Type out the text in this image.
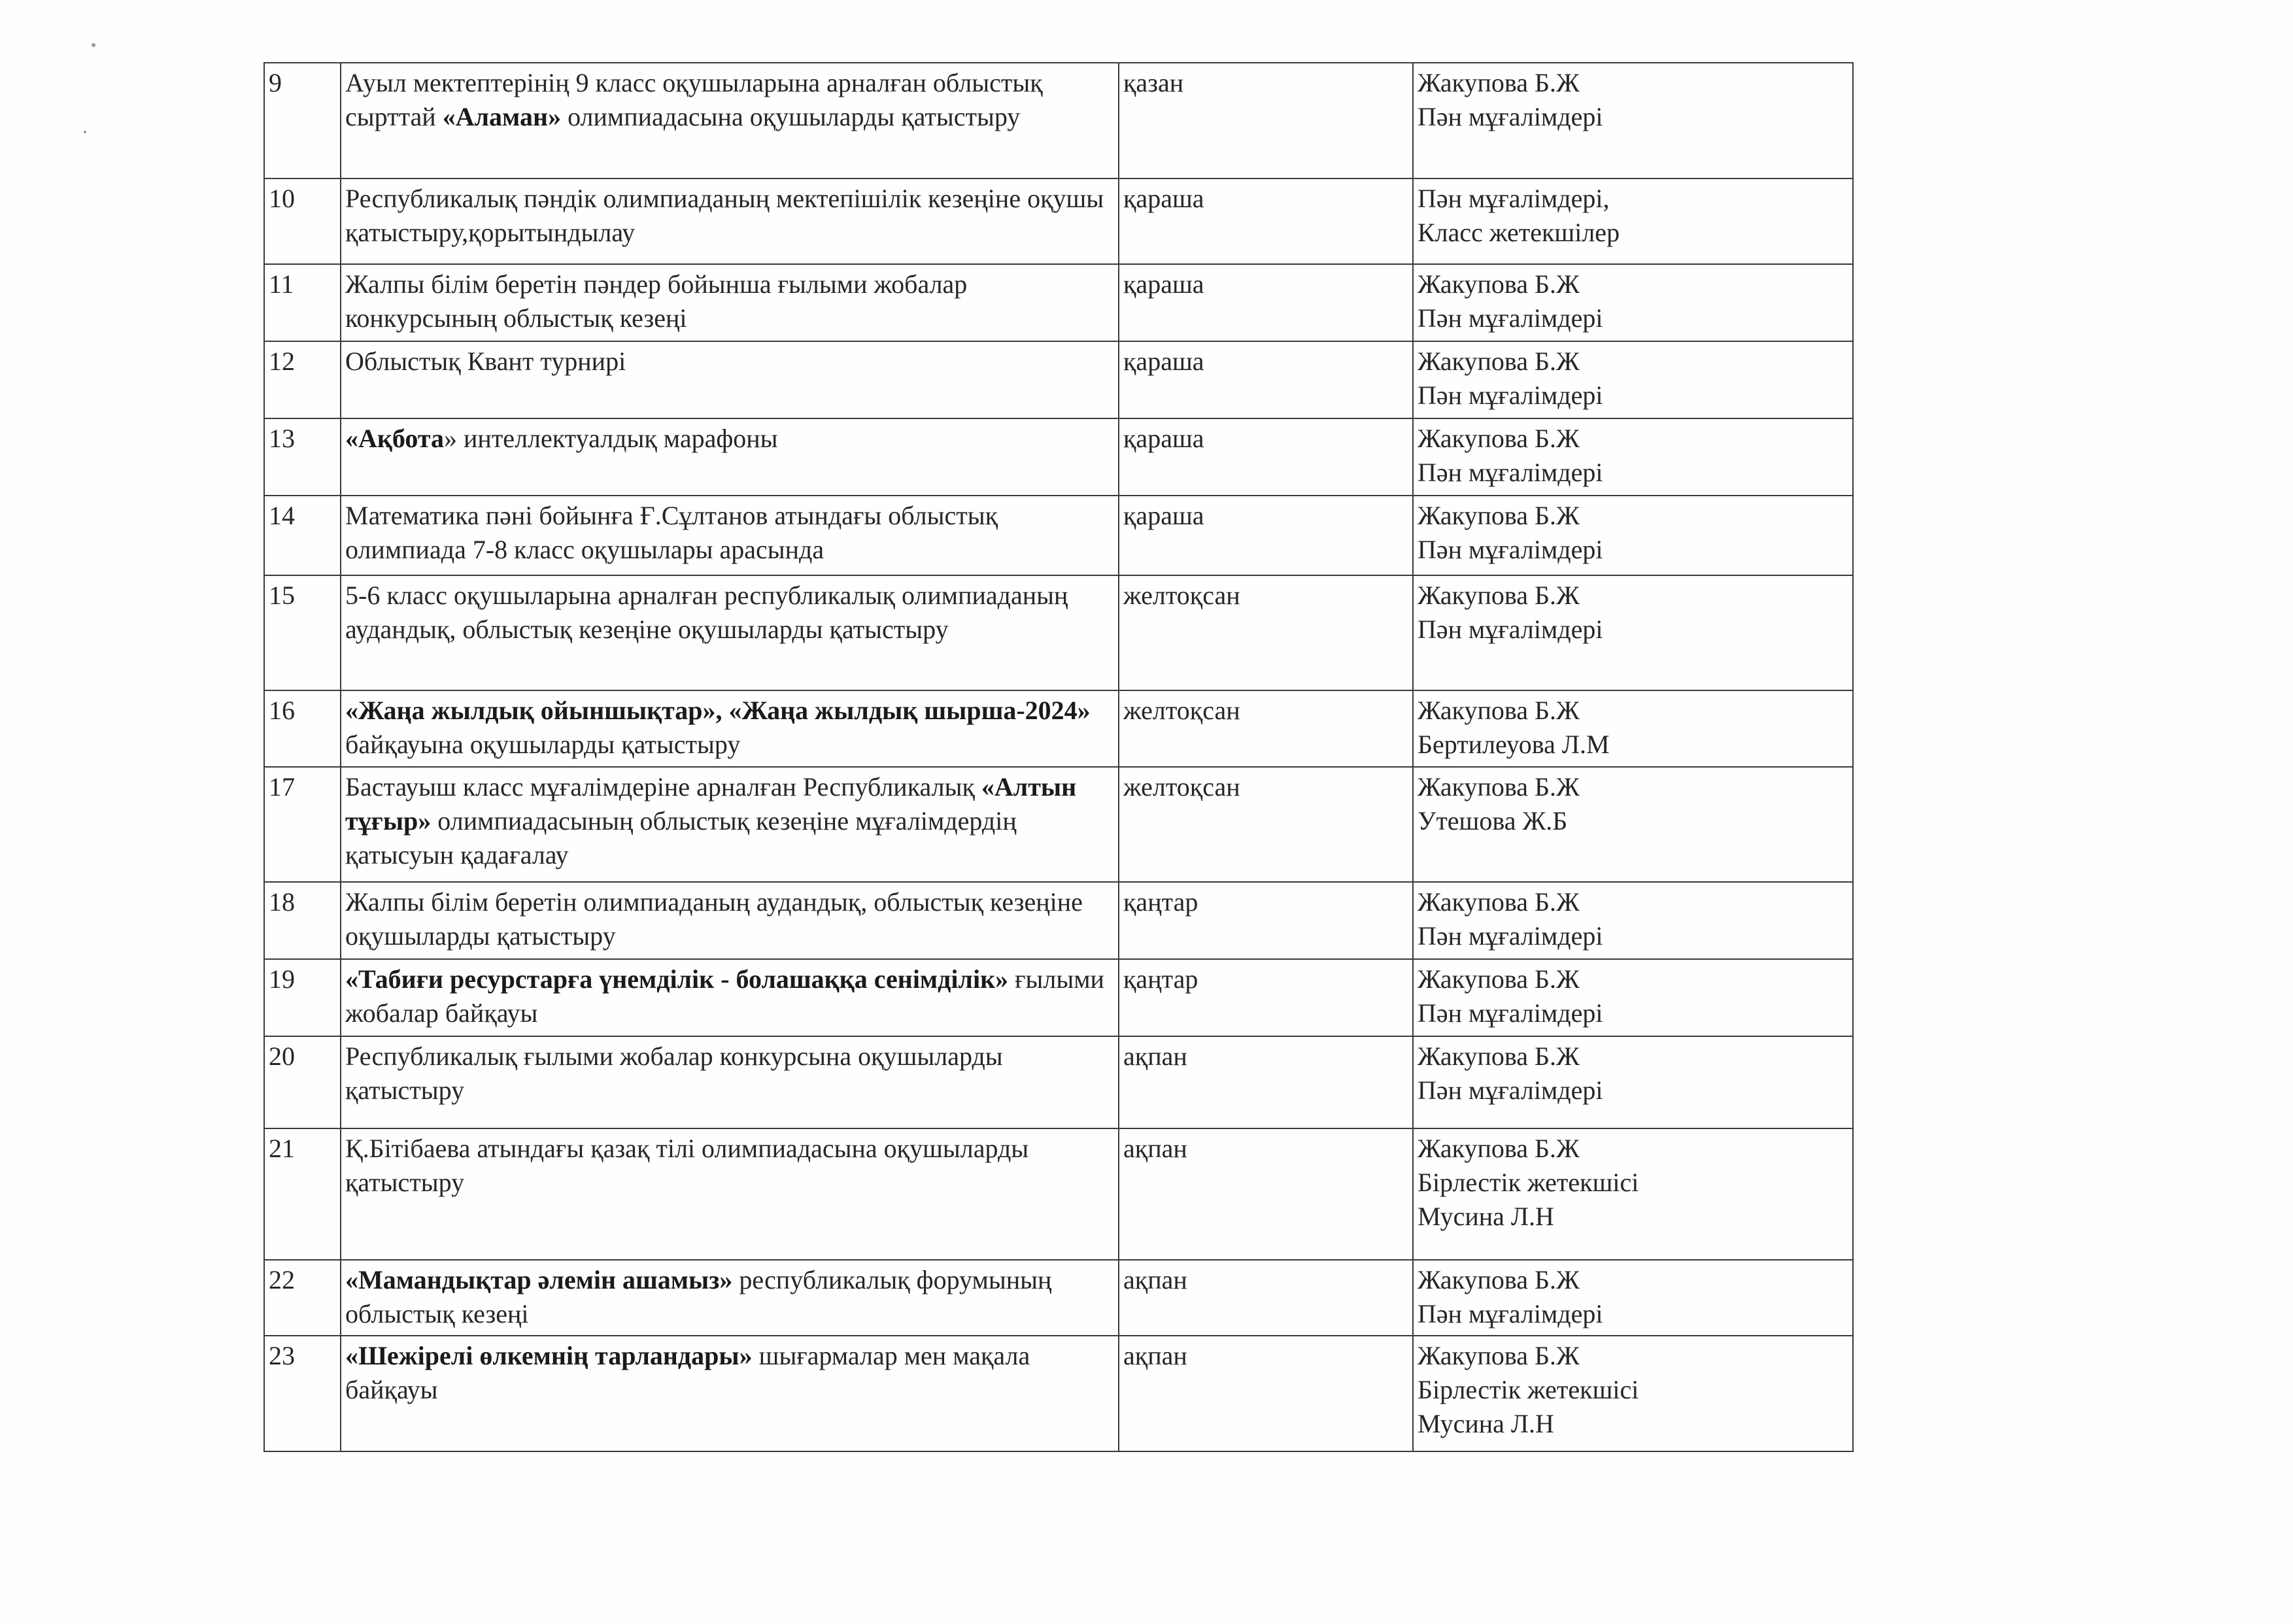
9	Ауыл мектептерінің 9 класс оқушыларына арналған облыстық сырттай «Аламан» олимпиадасына оқушыларды қатыстыру	қазан	Жакупова Б.Ж
Пән мұғалімдері

10	Республикалық пәндік олимпиаданың мектепішілік кезеңіне оқушы қатыстыру,қорытындылау	қараша	Пән мұғалімдері,
Класс жетекшілер

11	Жалпы білім беретін пәндер бойынша ғылыми жобалар конкурсының облыстық кезеңі	қараша	Жакупова Б.Ж
Пән мұғалімдері

12	Облыстық Квант турнирі	қараша	Жакупова Б.Ж
Пән мұғалімдері

13	«Ақбота» интеллектуалдық марафоны	қараша	Жакупова Б.Ж
Пән мұғалімдері

14	Математика пәні бойынға Ғ.Сұлтанов атындағы облыстық олимпиада 7-8 класс оқушылары арасында	қараша	Жакупова Б.Ж
Пән мұғалімдері

15	5-6 класс оқушыларына арналған республикалық олимпиаданың аудандық, облыстық кезеңіне оқушыларды қатыстыру	желтоқсан	Жакупова Б.Ж
Пән мұғалімдері

16	«Жаңа жылдық ойыншықтар», «Жаңа жылдық шырша-2024» байқауына оқушыларды қатыстыру	желтоқсан	Жакупова Б.Ж
Бертилеуова Л.М

17	Бастауыш класс мұғалімдеріне арналған Республикалық «Алтын тұғыр» олимпиадасының облыстық кезеңіне мұғалімдердің қатысуын қадағалау	желтоқсан	Жакупова Б.Ж
Утешова Ж.Б

18	Жалпы білім беретін олимпиаданың аудандық, облыстық кезеңіне оқушыларды қатыстыру	қаңтар	Жакупова Б.Ж
Пән мұғалімдері

19	«Табиғи ресурстарға үнемділік - болашаққа сенімділік» ғылыми жобалар байқауы	қаңтар	Жакупова Б.Ж
Пән мұғалімдері

20	Республикалық ғылыми жобалар конкурсына оқушыларды қатыстыру	ақпан	Жакупова Б.Ж
Пән мұғалімдері

21	Қ.Бітібаева атындағы қазақ тілі олимпиадасына оқушыларды қатыстыру	ақпан	Жакупова Б.Ж
Бірлестік жетекшісі
Мусина Л.Н

22	«Мамандықтар әлемін ашамыз» республикалық форумының облыстық кезеңі	ақпан	Жакупова Б.Ж
Пән мұғалімдері

23	«Шежірелі өлкемнің тарландары» шығармалар мен мақала байқауы	ақпан	Жакупова Б.Ж
Бірлестік жетекшісі
Мусина Л.Н
